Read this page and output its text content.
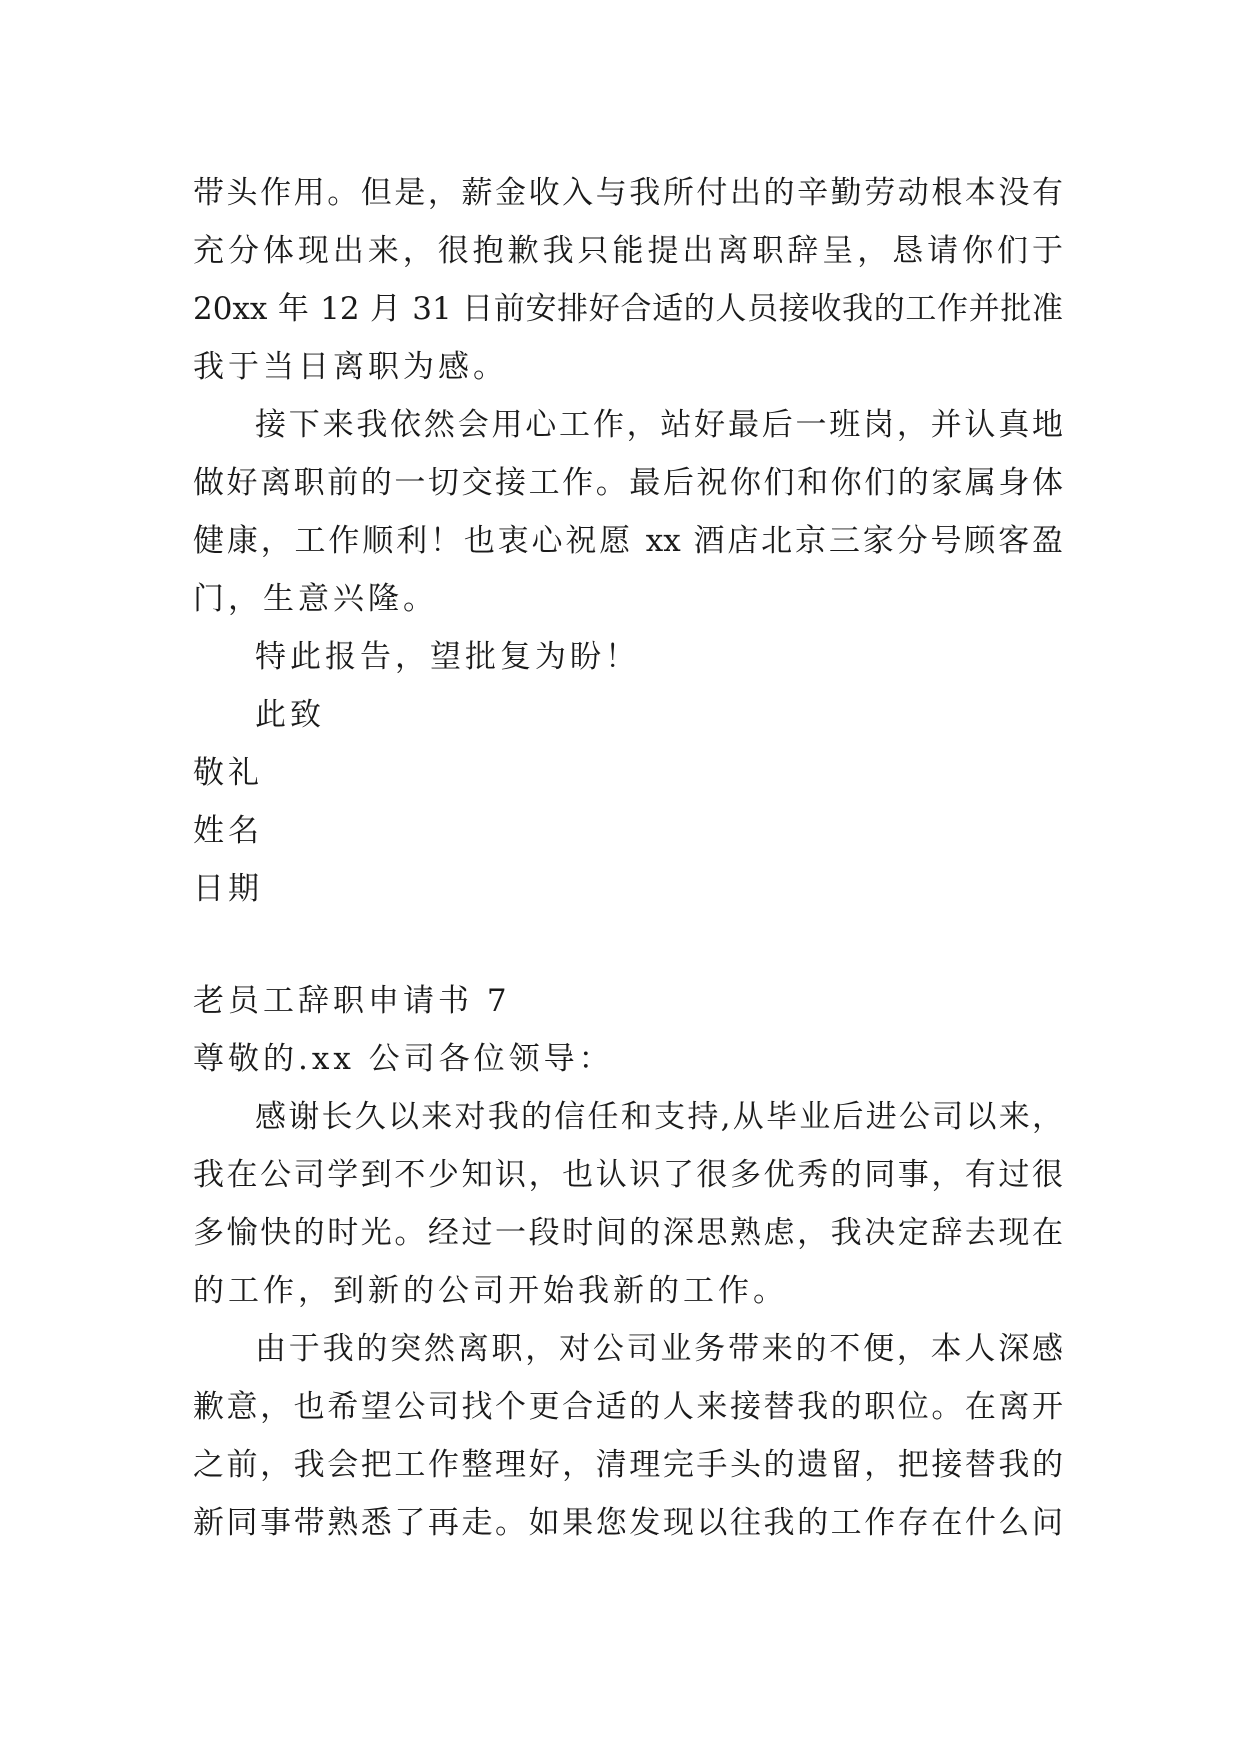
带头作用。但是，薪金收入与我所付出的辛勤劳动根本没有
充分体现出来，很抱歉我只能提出离职辞呈，恳请你们于
20xx 年 12 月 31 日前安排好合适的人员接收我的工作并批准
我于当日离职为感。
接下来我依然会用心工作，站好最后一班岗，并认真地
做好离职前的一切交接工作。最后祝你们和你们的家属身体
健康，工作顺利！也衷心祝愿 xx 酒店北京三家分号顾客盈
门，生意兴隆。
特此报告，望批复为盼！
此致
敬礼
姓名
日期
老员工辞职申请书 7
尊敬的.xx 公司各位领导：
感谢长久以来对我的信任和支持,从毕业后进公司以来，
我在公司学到不少知识，也认识了很多优秀的同事，有过很
多愉快的时光。经过一段时间的深思熟虑，我决定辞去现在
的工作，到新的公司开始我新的工作。
由于我的突然离职，对公司业务带来的不便，本人深感
歉意，也希望公司找个更合适的人来接替我的职位。在离开
之前，我会把工作整理好，清理完手头的遗留，把接替我的
新同事带熟悉了再走。如果您发现以往我的工作存在什么问
